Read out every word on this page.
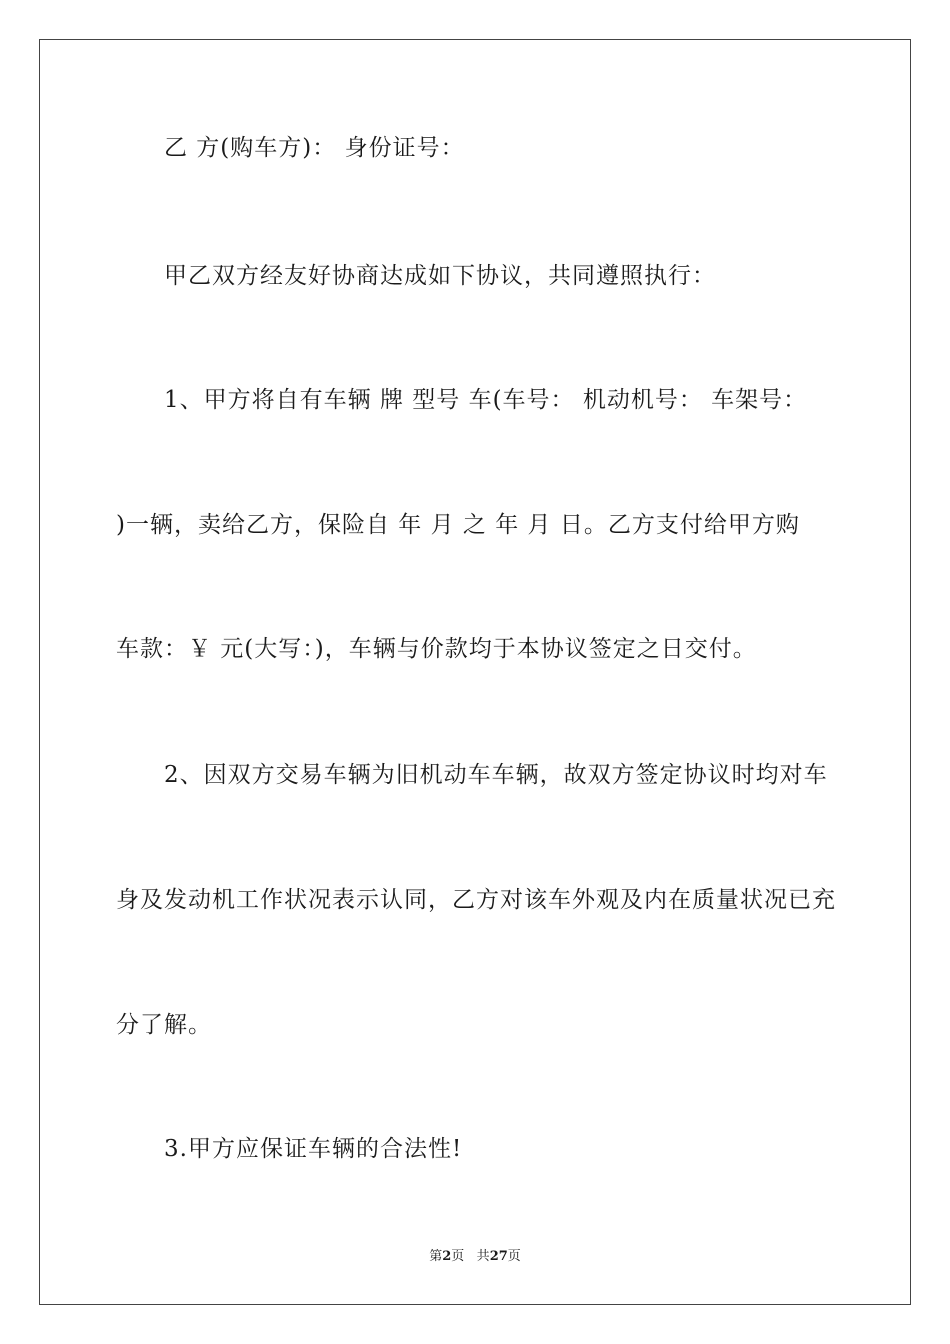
乙 方(购车方)： 身份证号：
甲乙双方经友好协商达成如下协议，共同遵照执行：
1、甲方将自有车辆 牌 型号 车(车号： 机动机号： 车架号：
)一辆，卖给乙方，保险自 年 月 之 年 月 日。乙方支付给甲方购
车款：￥ 元(大写：)，车辆与价款均于本协议签定之日交付。
2、因双方交易车辆为旧机动车车辆，故双方签定协议时均对车
身及发动机工作状况表示认同，乙方对该车外观及内在质量状况已充
分了解。
3.甲方应保证车辆的合法性!
第2页 共27页
